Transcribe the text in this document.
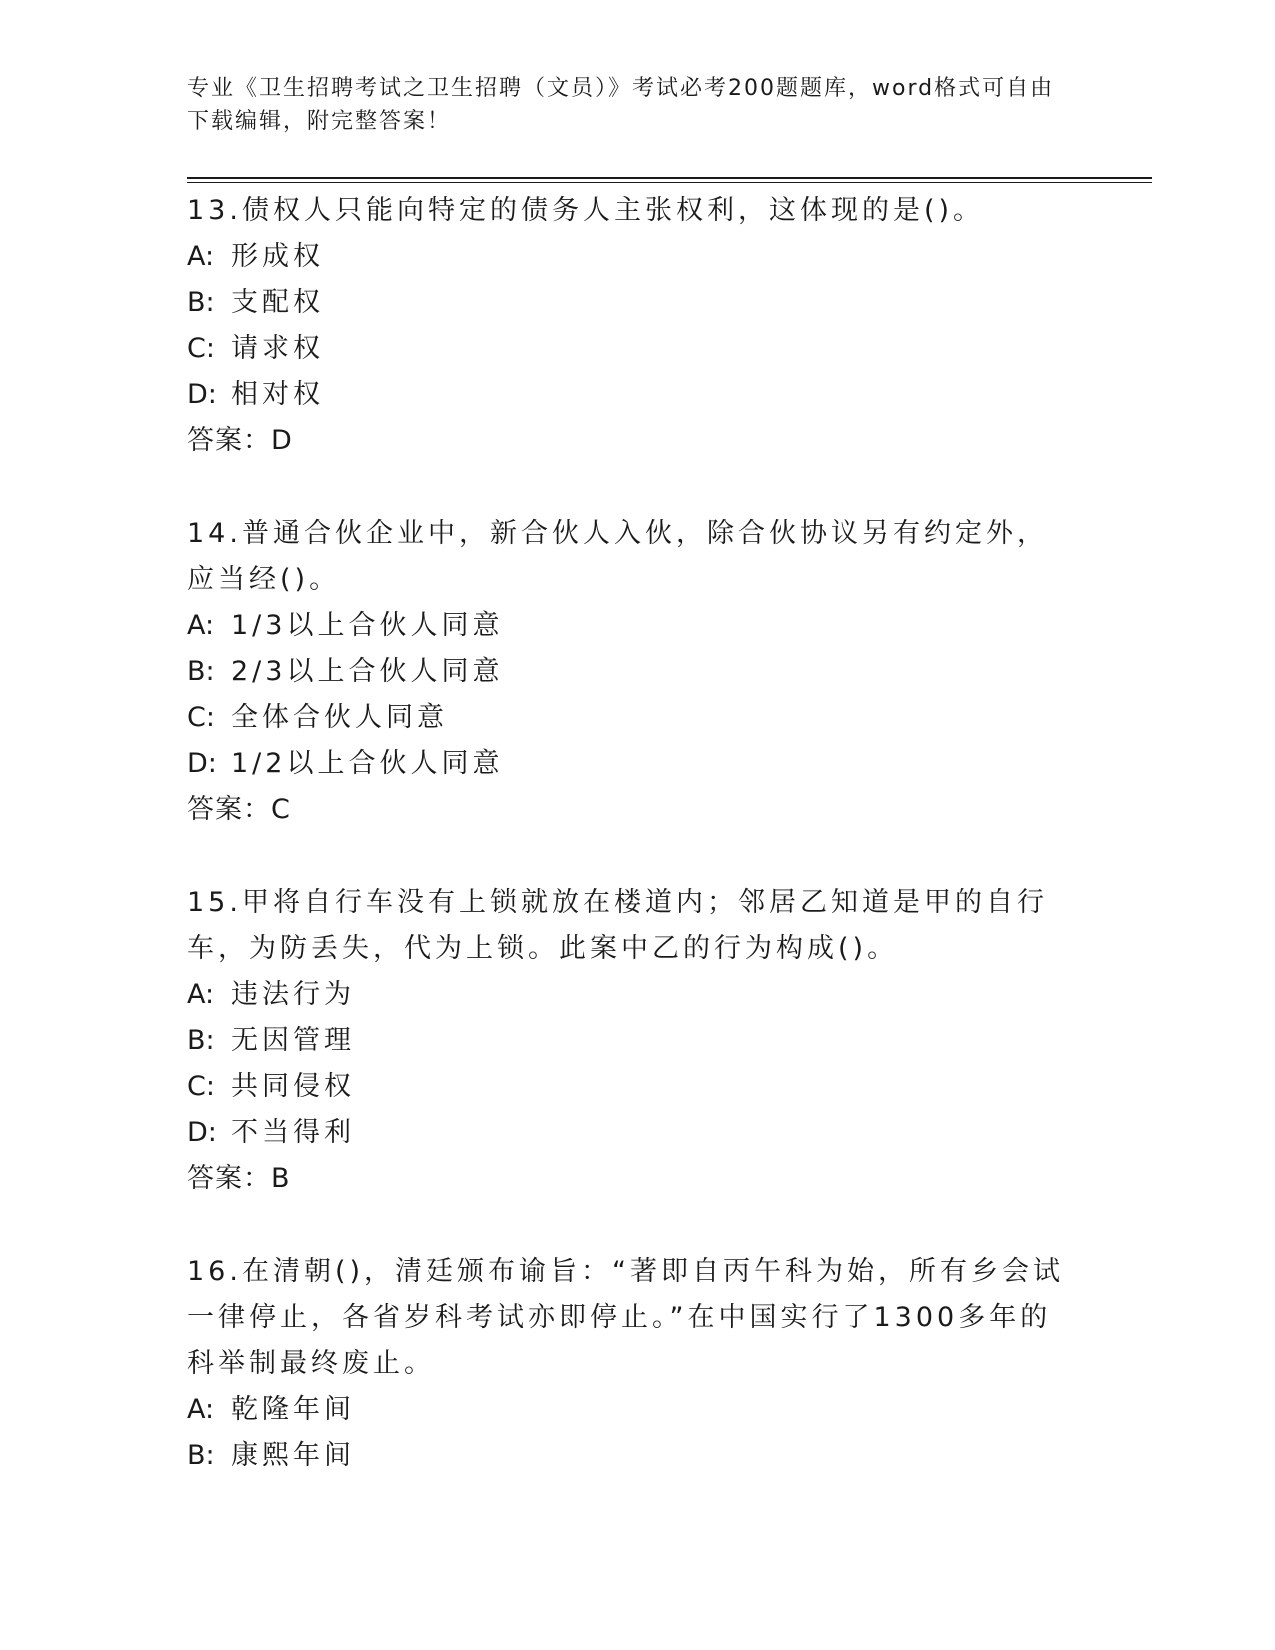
专业《卫生招聘考试之卫生招聘（文员）》考试必考200题题库，word格式可自由下载编辑，附完整答案！

13.债权人只能向特定的债务人主张权利，这体现的是()。

A: 形成权

B: 支配权

C: 请求权

D: 相对权

答案：D

14.普通合伙企业中，新合伙人入伙，除合伙协议另有约定外，应当经()。

A: 1/3以上合伙人同意

B: 2/3以上合伙人同意

C: 全体合伙人同意

D: 1/2以上合伙人同意

答案：C

15.甲将自行车没有上锁就放在楼道内；邻居乙知道是甲的自行车，为防丢失，代为上锁。此案中乙的行为构成()。

A: 违法行为

B: 无因管理

C: 共同侵权

D: 不当得利

答案：B

16.在清朝()，清廷颁布谕旨：“著即自丙午科为始，所有乡会试一律停止，各省岁科考试亦即停止。”在中国实行了1300多年的科举制最终废止。

A: 乾隆年间

B: 康熙年间
